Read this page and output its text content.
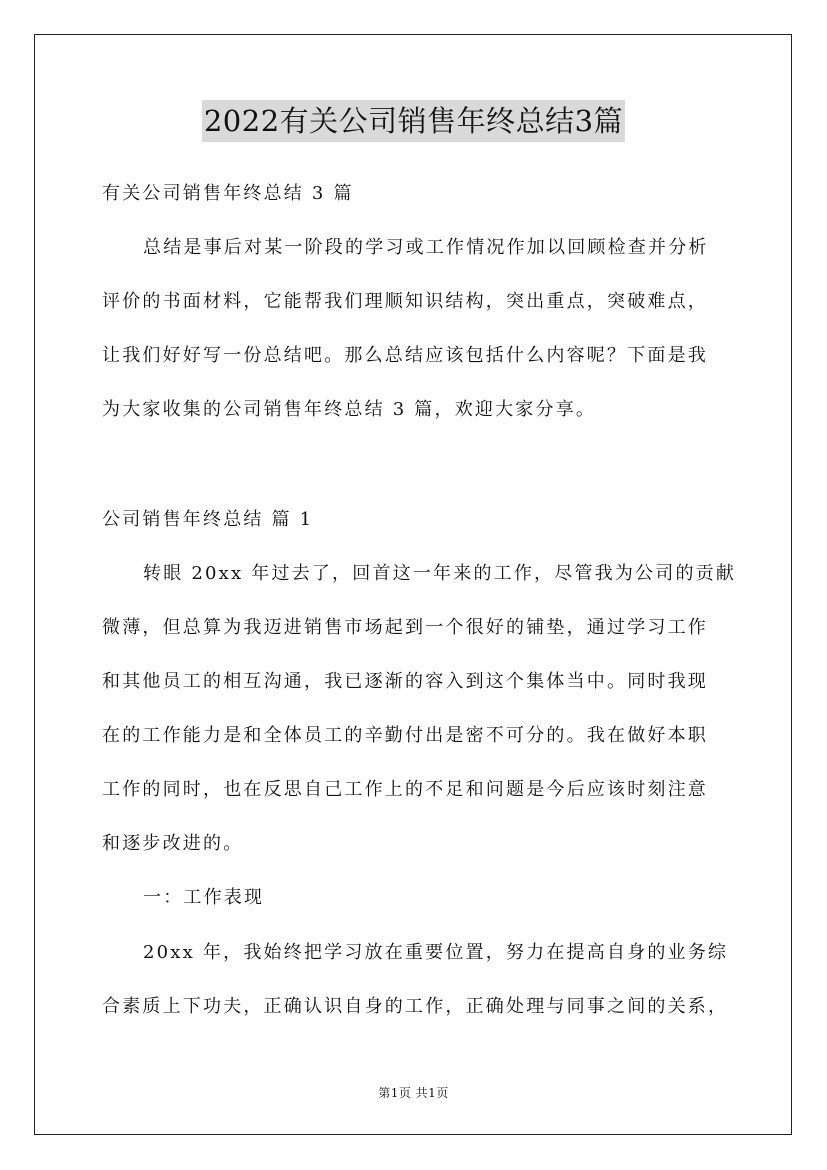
2022有关公司销售年终总结3篇
有关公司销售年终总结 3 篇
总结是事后对某一阶段的学习或工作情况作加以回顾检查并分析
评价的书面材料，它能帮我们理顺知识结构，突出重点，突破难点，
让我们好好写一份总结吧。那么总结应该包括什么内容呢？下面是我
为大家收集的公司销售年终总结 3 篇，欢迎大家分享。
公司销售年终总结 篇 1
转眼 20xx 年过去了，回首这一年来的工作，尽管我为公司的贡献
微薄，但总算为我迈进销售市场起到一个很好的铺垫，通过学习工作
和其他员工的相互沟通，我已逐渐的容入到这个集体当中。同时我现
在的工作能力是和全体员工的辛勤付出是密不可分的。我在做好本职
工作的同时，也在反思自己工作上的不足和问题是今后应该时刻注意
和逐步改进的。
一：工作表现
20xx 年，我始终把学习放在重要位置，努力在提高自身的业务综
合素质上下功夫，正确认识自身的工作，正确处理与同事之间的关系，
第1页 共1页
